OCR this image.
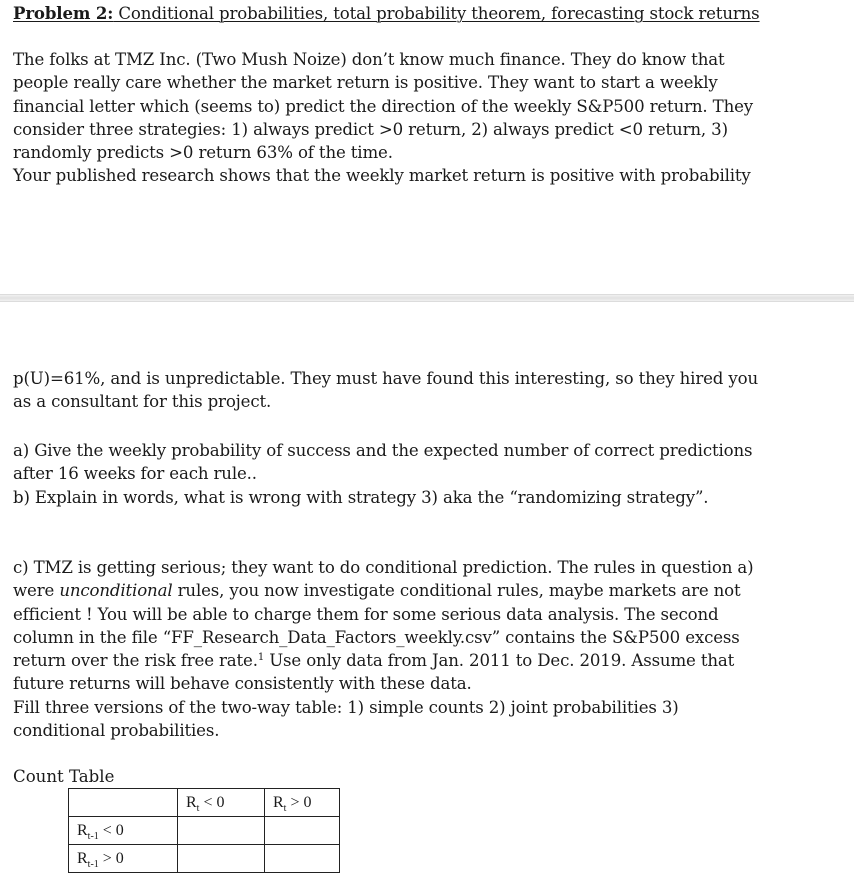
Problem 2: Conditional probabilities, total probability theorem, forecasting stock returns
The folks at TMZ Inc. (Two Mush Noize) don’t know much finance. They do know that
people really care whether the market return is positive. They want to start a weekly
financial letter which (seems to) predict the direction of the weekly S&P500 return. They
consider three strategies: 1) always predict >0 return, 2) always predict <0 return, 3)
randomly predicts >0 return 63% of the time.
Your published research shows that the weekly market return is positive with probability
p(U)=61%, and is unpredictable. They must have found this interesting, so they hired you
as a consultant for this project.
a) Give the weekly probability of success and the expected number of correct predictions
after 16 weeks for each rule..
b) Explain in words, what is wrong with strategy 3) aka the “randomizing strategy”.
c) TMZ is getting serious; they want to do conditional prediction. The rules in question a)
were unconditional rules, you now investigate conditional rules, maybe markets are not
efficient ! You will be able to charge them for some serious data analysis. The second
column in the file “FF_Research_Data_Factors_weekly.csv” contains the S&P500 excess
return over the risk free rate.$^1$ Use only data from Jan. 2011 to Dec. 2019. Assume that
future returns will behave consistently with these data.
Fill three versions of the two-way table: 1) simple counts 2) joint probabilities 3)
conditional probabilities.
Count Table
	$R_t < 0$	$R_t > 0$
$R_{t-1} < 0$		
$R_{t-1} > 0$		
